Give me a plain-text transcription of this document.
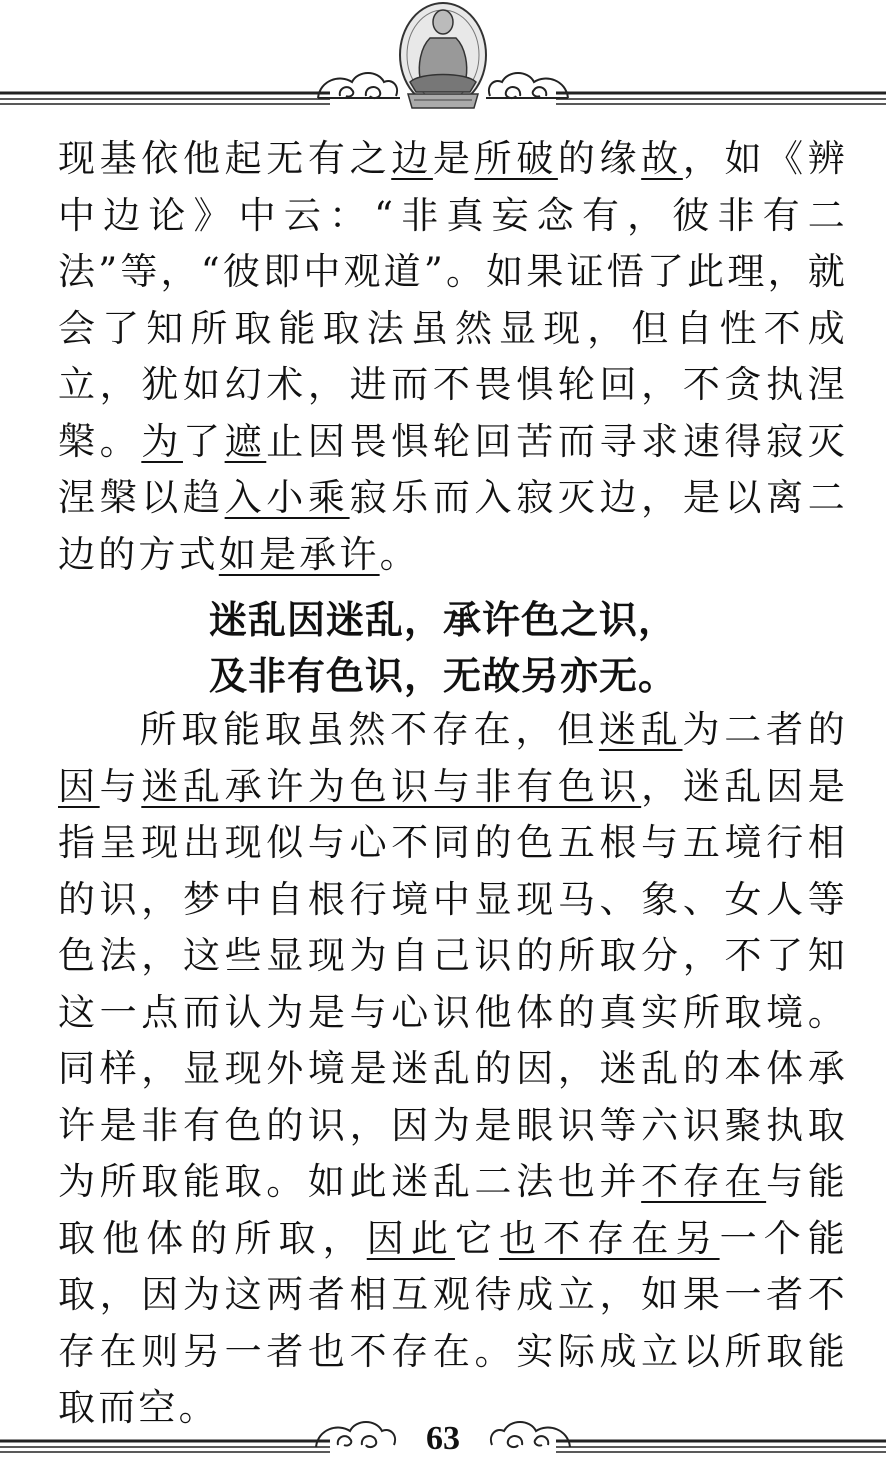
现基依他起无有之边是所破的缘故，如《辨中边论》中云：“非真妄念有，彼非有二法”等，“彼即中观道”。如果证悟了此理，就会了知所取能取法虽然显现，但自性不成立，犹如幻术，进而不畏惧轮回，不贪执涅槃。为了遮止因畏惧轮回苦而寻求速得寂灭涅槃以趋入小乘寂乐而入寂灭边，是以离二边的方式如是承许。

迷乱因迷乱，承许色之识，
及非有色识，无故另亦无。

所取能取虽然不存在，但迷乱为二者的因与迷乱承许为色识与非有色识，迷乱因是指呈现出现似与心不同的色五根与五境行相的识，梦中自根行境中显现马、象、女人等色法，这些显现为自己识的所取分，不了知这一点而认为是与心识他体的真实所取境。同样，显现外境是迷乱的因，迷乱的本体承许是非有色的识，因为是眼识等六识聚执取为所取能取。如此迷乱二法也并不存在与能取他体的所取，因此它也不存在另一个能取，因为这两者相互观待成立，如果一者不存在则另一者也不存在。实际成立以所取能取而空。

63
